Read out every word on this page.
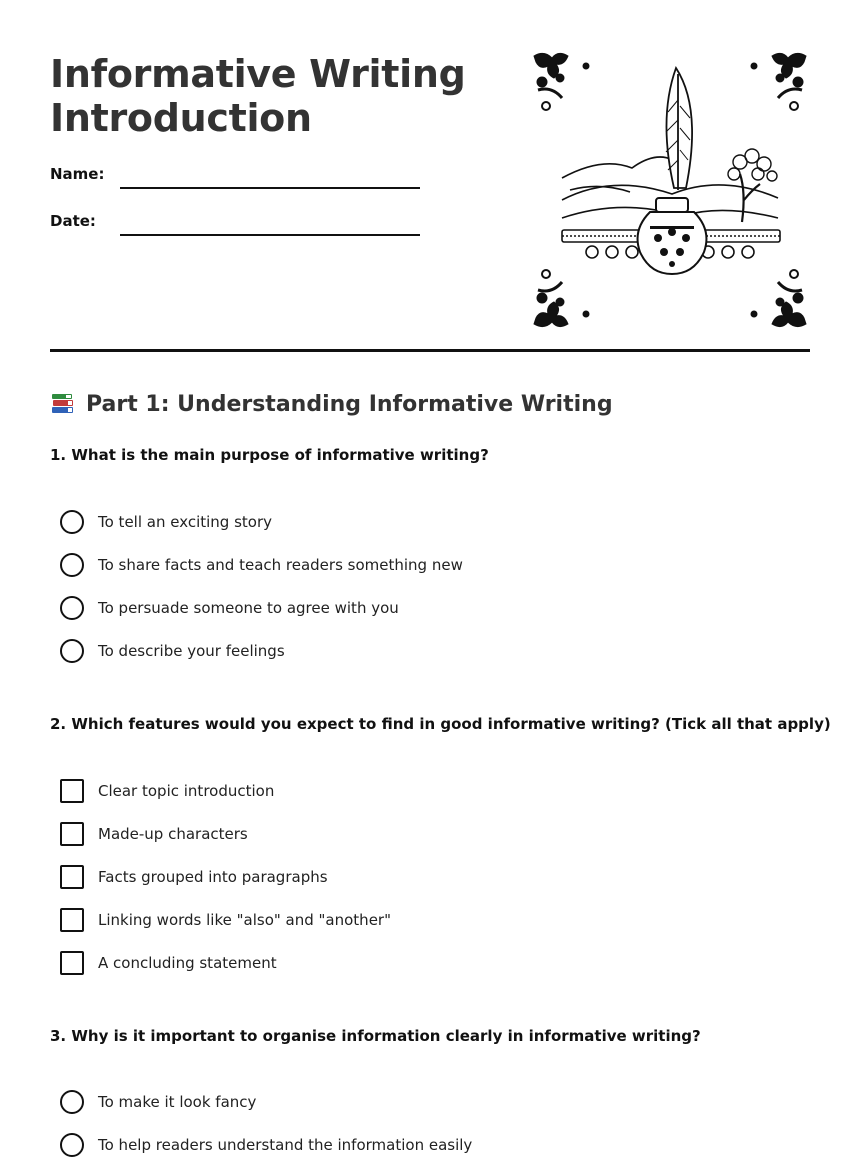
Informative Writing
Introduction
Name:
Date:
Part 1: Understanding Informative Writing
1. What is the main purpose of informative writing?
To tell an exciting story
To share facts and teach readers something new
To persuade someone to agree with you
To describe your feelings
2. Which features would you expect to find in good informative writing? (Tick all that apply)
Clear topic introduction
Made-up characters
Facts grouped into paragraphs
Linking words like "also" and "another"
A concluding statement
3. Why is it important to organise information clearly in informative writing?
To make it look fancy
To help readers understand the information easily
